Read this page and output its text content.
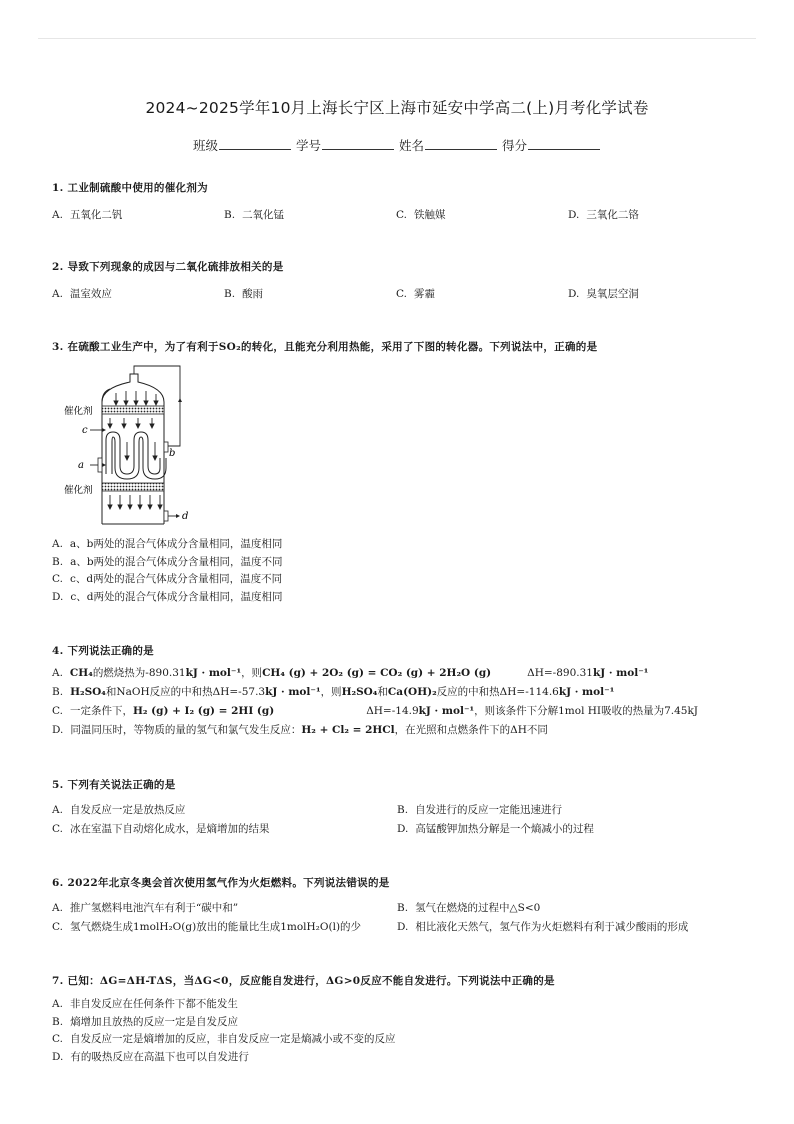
2024~2025学年10月上海长宁区上海市延安中学高二(上)月考化学试卷
班级	学号	姓名	得分
1. 工业制硫酸中使用的催化剂为
A. 五氧化二钒	B. 二氧化锰	C. 铁触媒	D. 三氧化二铬
2. 导致下列现象的成因与二氧化硫排放相关的是
A. 温室效应	B. 酸雨	C. 雾霾	D. 臭氧层空洞
3. 在硫酸工业生产中，为了有利于SO₂的转化，且能充分利用热能，采用了下图的转化器。下列说法中，正确的是
催化剂
催化剂
c
a
b
d
A. a、b两处的混合气体成分含量相同，温度相同
B. a、b两处的混合气体成分含量相同，温度不同
C. c、d两处的混合气体成分含量相同，温度不同
D. c、d两处的混合气体成分含量相同，温度相同
4. 下列说法正确的是
A. CH₄的燃烧热为-890.31kJ · mol⁻¹，则CH₄ (g) + 2O₂ (g) = CO₂ (g) + 2H₂O (g)	ΔH=-890.31kJ · mol⁻¹
B. H₂SO₄和NaOH反应的中和热ΔH=-57.3kJ · mol⁻¹，则H₂SO₄和Ca(OH)₂反应的中和热ΔH=-114.6kJ · mol⁻¹
C. 一定条件下，H₂ (g) + I₂ (g) = 2HI (g)	ΔH=-14.9kJ · mol⁻¹，则该条件下分解1mol HI吸收的热量为7.45kJ
D. 同温同压时，等物质的量的氢气和氯气发生反应：H₂ + Cl₂ = 2HCl，在光照和点燃条件下的ΔH不同
5. 下列有关说法正确的是
A. 自发反应一定是放热反应	B. 自发进行的反应一定能迅速进行
C. 冰在室温下自动熔化成水，是熵增加的结果	D. 高锰酸钾加热分解是一个熵减小的过程
6. 2022年北京冬奥会首次使用氢气作为火炬燃料。下列说法错误的是
A. 推广氢燃料电池汽车有利于“碳中和”	B. 氢气在燃烧的过程中△S<0
C. 氢气燃烧生成1molH₂O(g)放出的能量比生成1molH₂O(l)的少	D. 相比液化天然气，氢气作为火炬燃料有利于减少酸雨的形成
7. 已知：ΔG=ΔH-TΔS，当ΔG<0，反应能自发进行，ΔG>0反应不能自发进行。下列说法中正确的是
A. 非自发反应在任何条件下都不能发生
B. 熵增加且放热的反应一定是自发反应
C. 自发反应一定是熵增加的反应，非自发反应一定是熵减小或不变的反应
D. 有的吸热反应在高温下也可以自发进行
